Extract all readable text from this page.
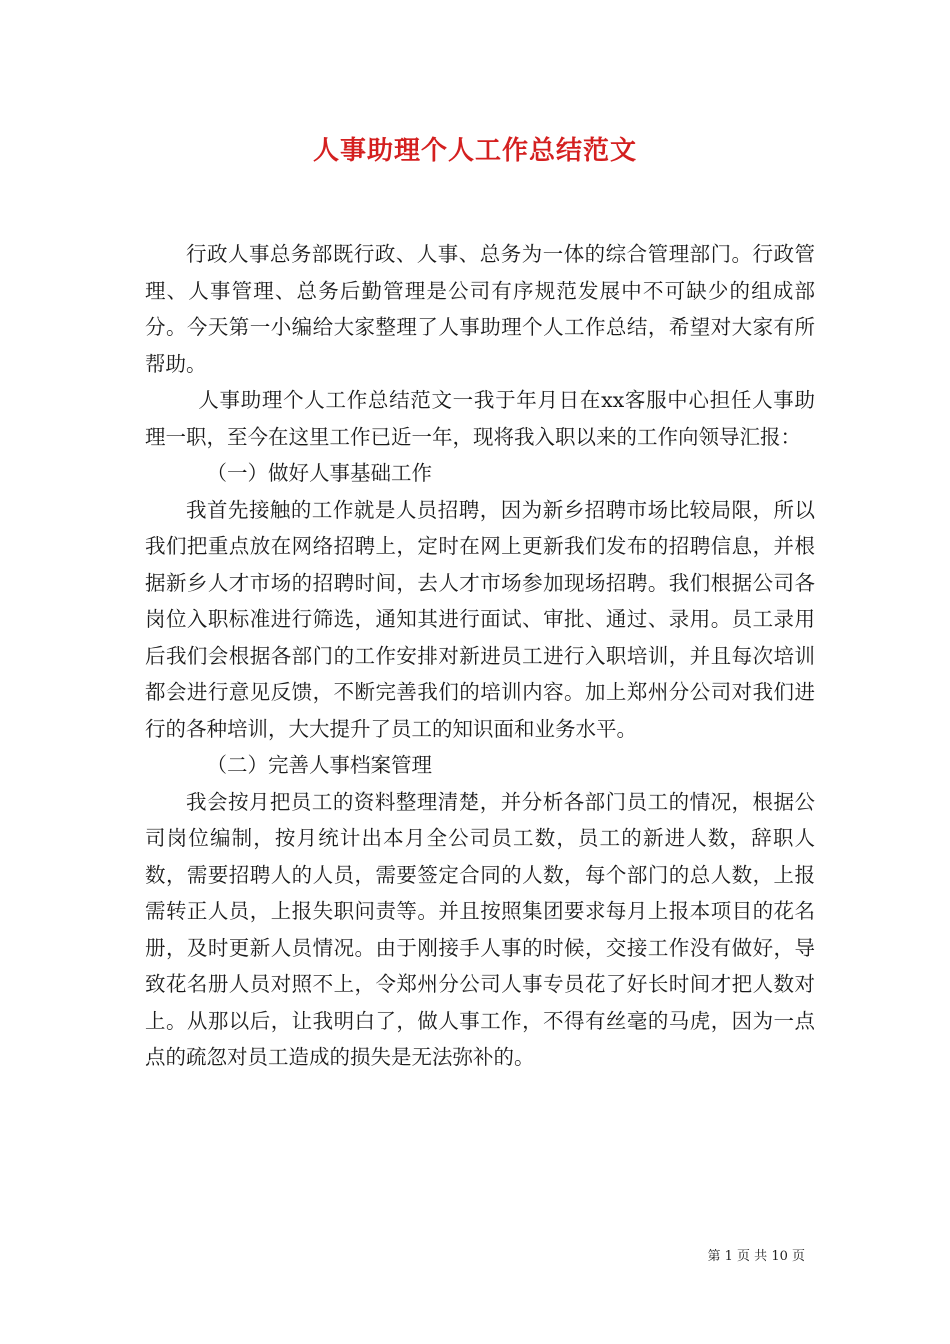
人事助理个人工作总结范文

行政人事总务部既行政、人事、总务为一体的综合管理部门。行政管理、人事管理、总务后勤管理是公司有序规范发展中不可缺少的组成部分。今天第一小编给大家整理了人事助理个人工作总结，希望对大家有所帮助。

人事助理个人工作总结范文一我于年月日在xx客服中心担任人事助理一职，至今在这里工作已近一年，现将我入职以来的工作向领导汇报：

（一）做好人事基础工作

我首先接触的工作就是人员招聘，因为新乡招聘市场比较局限，所以我们把重点放在网络招聘上，定时在网上更新我们发布的招聘信息，并根据新乡人才市场的招聘时间，去人才市场参加现场招聘。我们根据公司各岗位入职标准进行筛选，通知其进行面试、审批、通过、录用。员工录用后我们会根据各部门的工作安排对新进员工进行入职培训，并且每次培训都会进行意见反馈，不断完善我们的培训内容。加上郑州分公司对我们进行的各种培训，大大提升了员工的知识面和业务水平。

（二）完善人事档案管理

我会按月把员工的资料整理清楚，并分析各部门员工的情况，根据公司岗位编制，按月统计出本月全公司员工数，员工的新进人数，辞职人数，需要招聘人的人员，需要签定合同的人数，每个部门的总人数，上报需转正人员，上报失职问责等。并且按照集团要求每月上报本项目的花名册，及时更新人员情况。由于刚接手人事的时候，交接工作没有做好，导致花名册人员对照不上，令郑州分公司人事专员花了好长时间才把人数对上。从那以后，让我明白了，做人事工作，不得有丝毫的马虎，因为一点点的疏忽对员工造成的损失是无法弥补的。

第 1 页 共 10 页
